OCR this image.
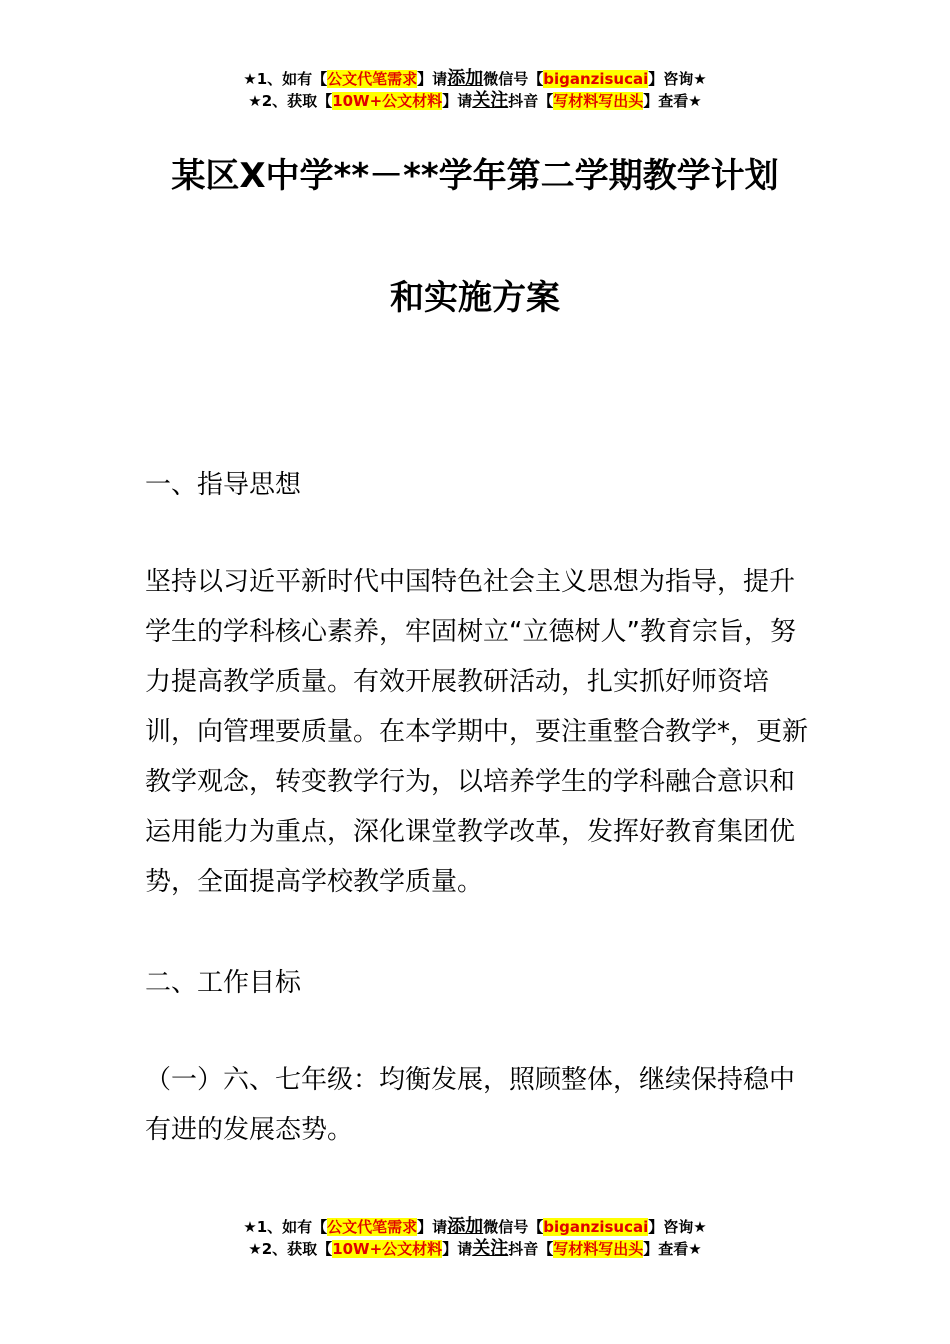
★1、如有【公文代笔需求】请添加微信号【biganzisucai】咨询★
★2、获取【10W+公文材料】请关注抖音【写材料写出头】查看★
某区X中学**－**学年第二学期教学计划
和实施方案
一、指导思想
坚持以习近平新时代中国特色社会主义思想为指导，提升学生的学科核心素养，牢固树立“立德树人”教育宗旨，努力提高教学质量。有效开展教研活动，扎实抓好师资培训，向管理要质量。在本学期中，要注重整合教学*，更新教学观念，转变教学行为，以培养学生的学科融合意识和运用能力为重点，深化课堂教学改革，发挥好教育集团优势，全面提高学校教学质量。
二、工作目标
（一）六、七年级：均衡发展，照顾整体，继续保持稳中有进的发展态势。
★1、如有【公文代笔需求】请添加微信号【biganzisucai】咨询★
★2、获取【10W+公文材料】请关注抖音【写材料写出头】查看★
